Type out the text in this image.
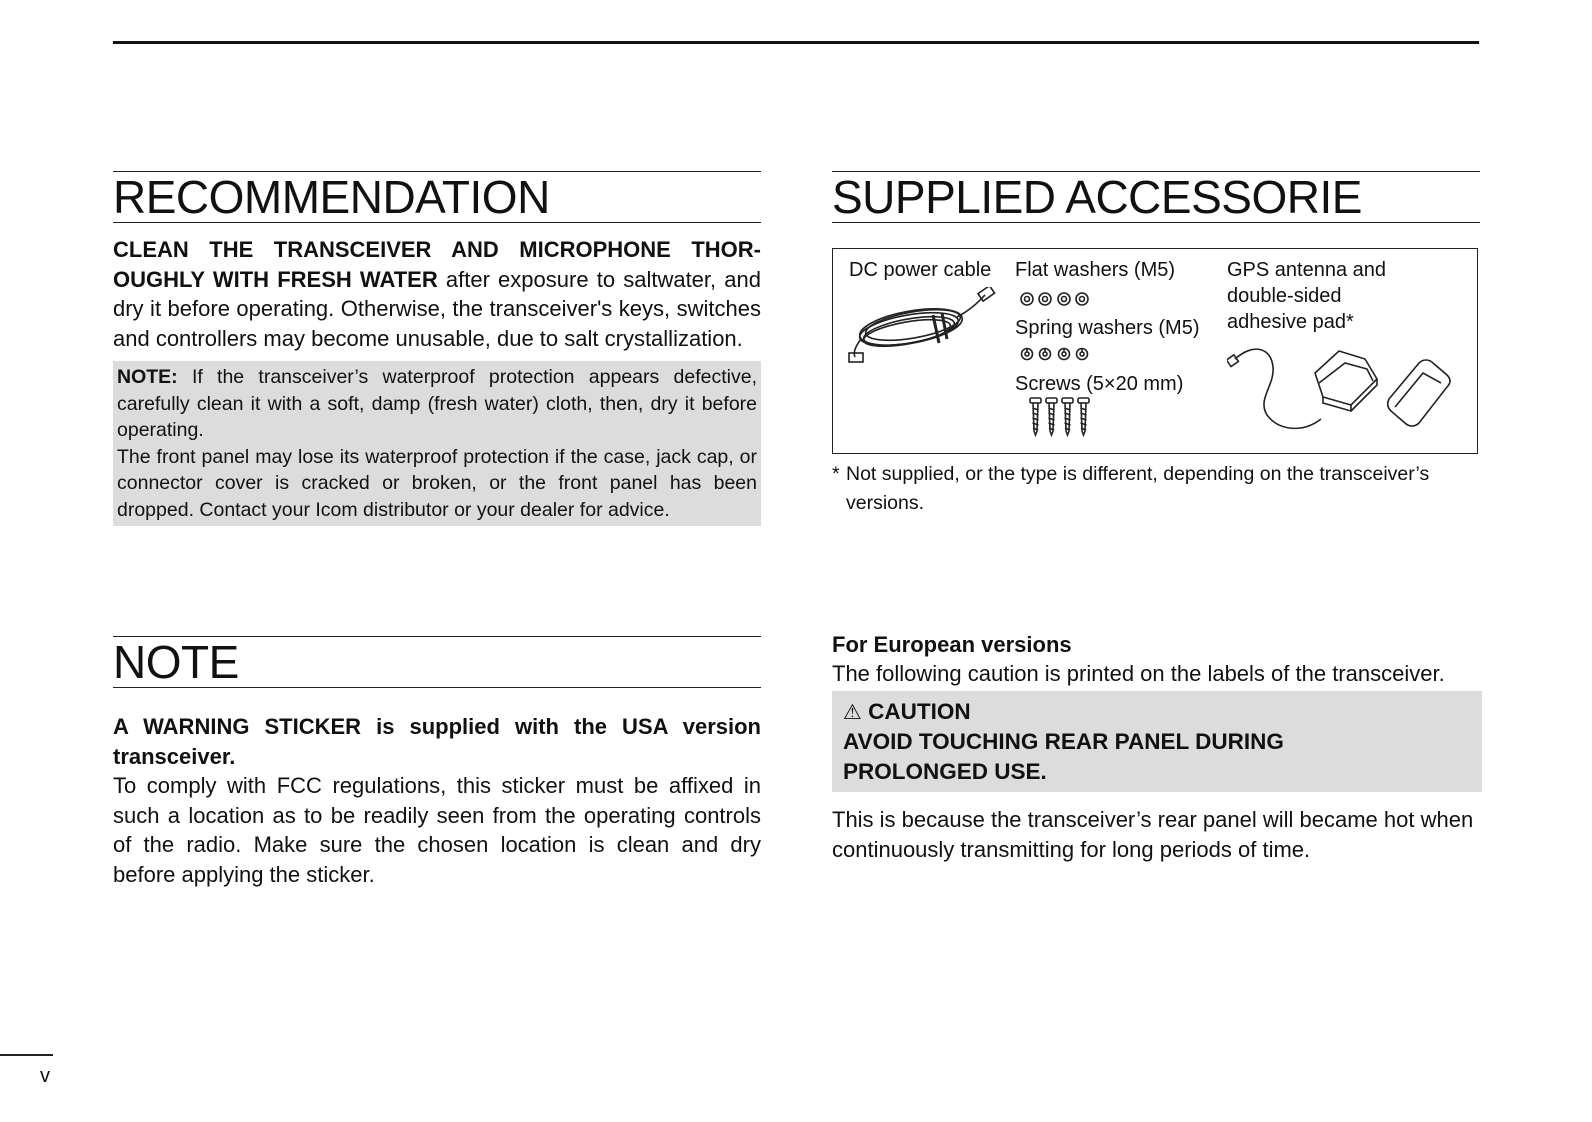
RECOMMENDATION

CLEAN THE TRANSCEIVER AND MICROPHONE THOROUGHLY WITH FRESH WATER after exposure to saltwater, and dry it before operating. Otherwise, the transceiver's keys, switches and controllers may become unusable, due to salt crystallization.

NOTE: If the transceiver’s waterproof protection appears defective, carefully clean it with a soft, damp (fresh water) cloth, then, dry it before operating.

The front panel may lose its waterproof protection if the case, jack cap, or connector cover is cracked or broken, or the front panel has been dropped. Contact your Icom distributor or your dealer for advice.

NOTE

A WARNING STICKER is supplied with the USA version transceiver.

To comply with FCC regulations, this sticker must be affixed in such a location as to be readily seen from the operating controls of the radio. Make sure the chosen location is clean and dry before applying the sticker.

SUPPLIED ACCESSORIE
DC power cable Flat washers (M5)
Spring washers (M5)
Screws (5×20 mm)
GPS antenna and double-sided adhesive pad*
* Not supplied, or the type is different, depending on the transceiver’s versions.

For European versions

The following caution is printed on the labels of the transceiver.

⚠ CAUTION

AVOID TOUCHING REAR PANEL DURING PROLONGED USE.

This is because the transceiver’s rear panel will became hot when continuously transmitting for long periods of time.

v
